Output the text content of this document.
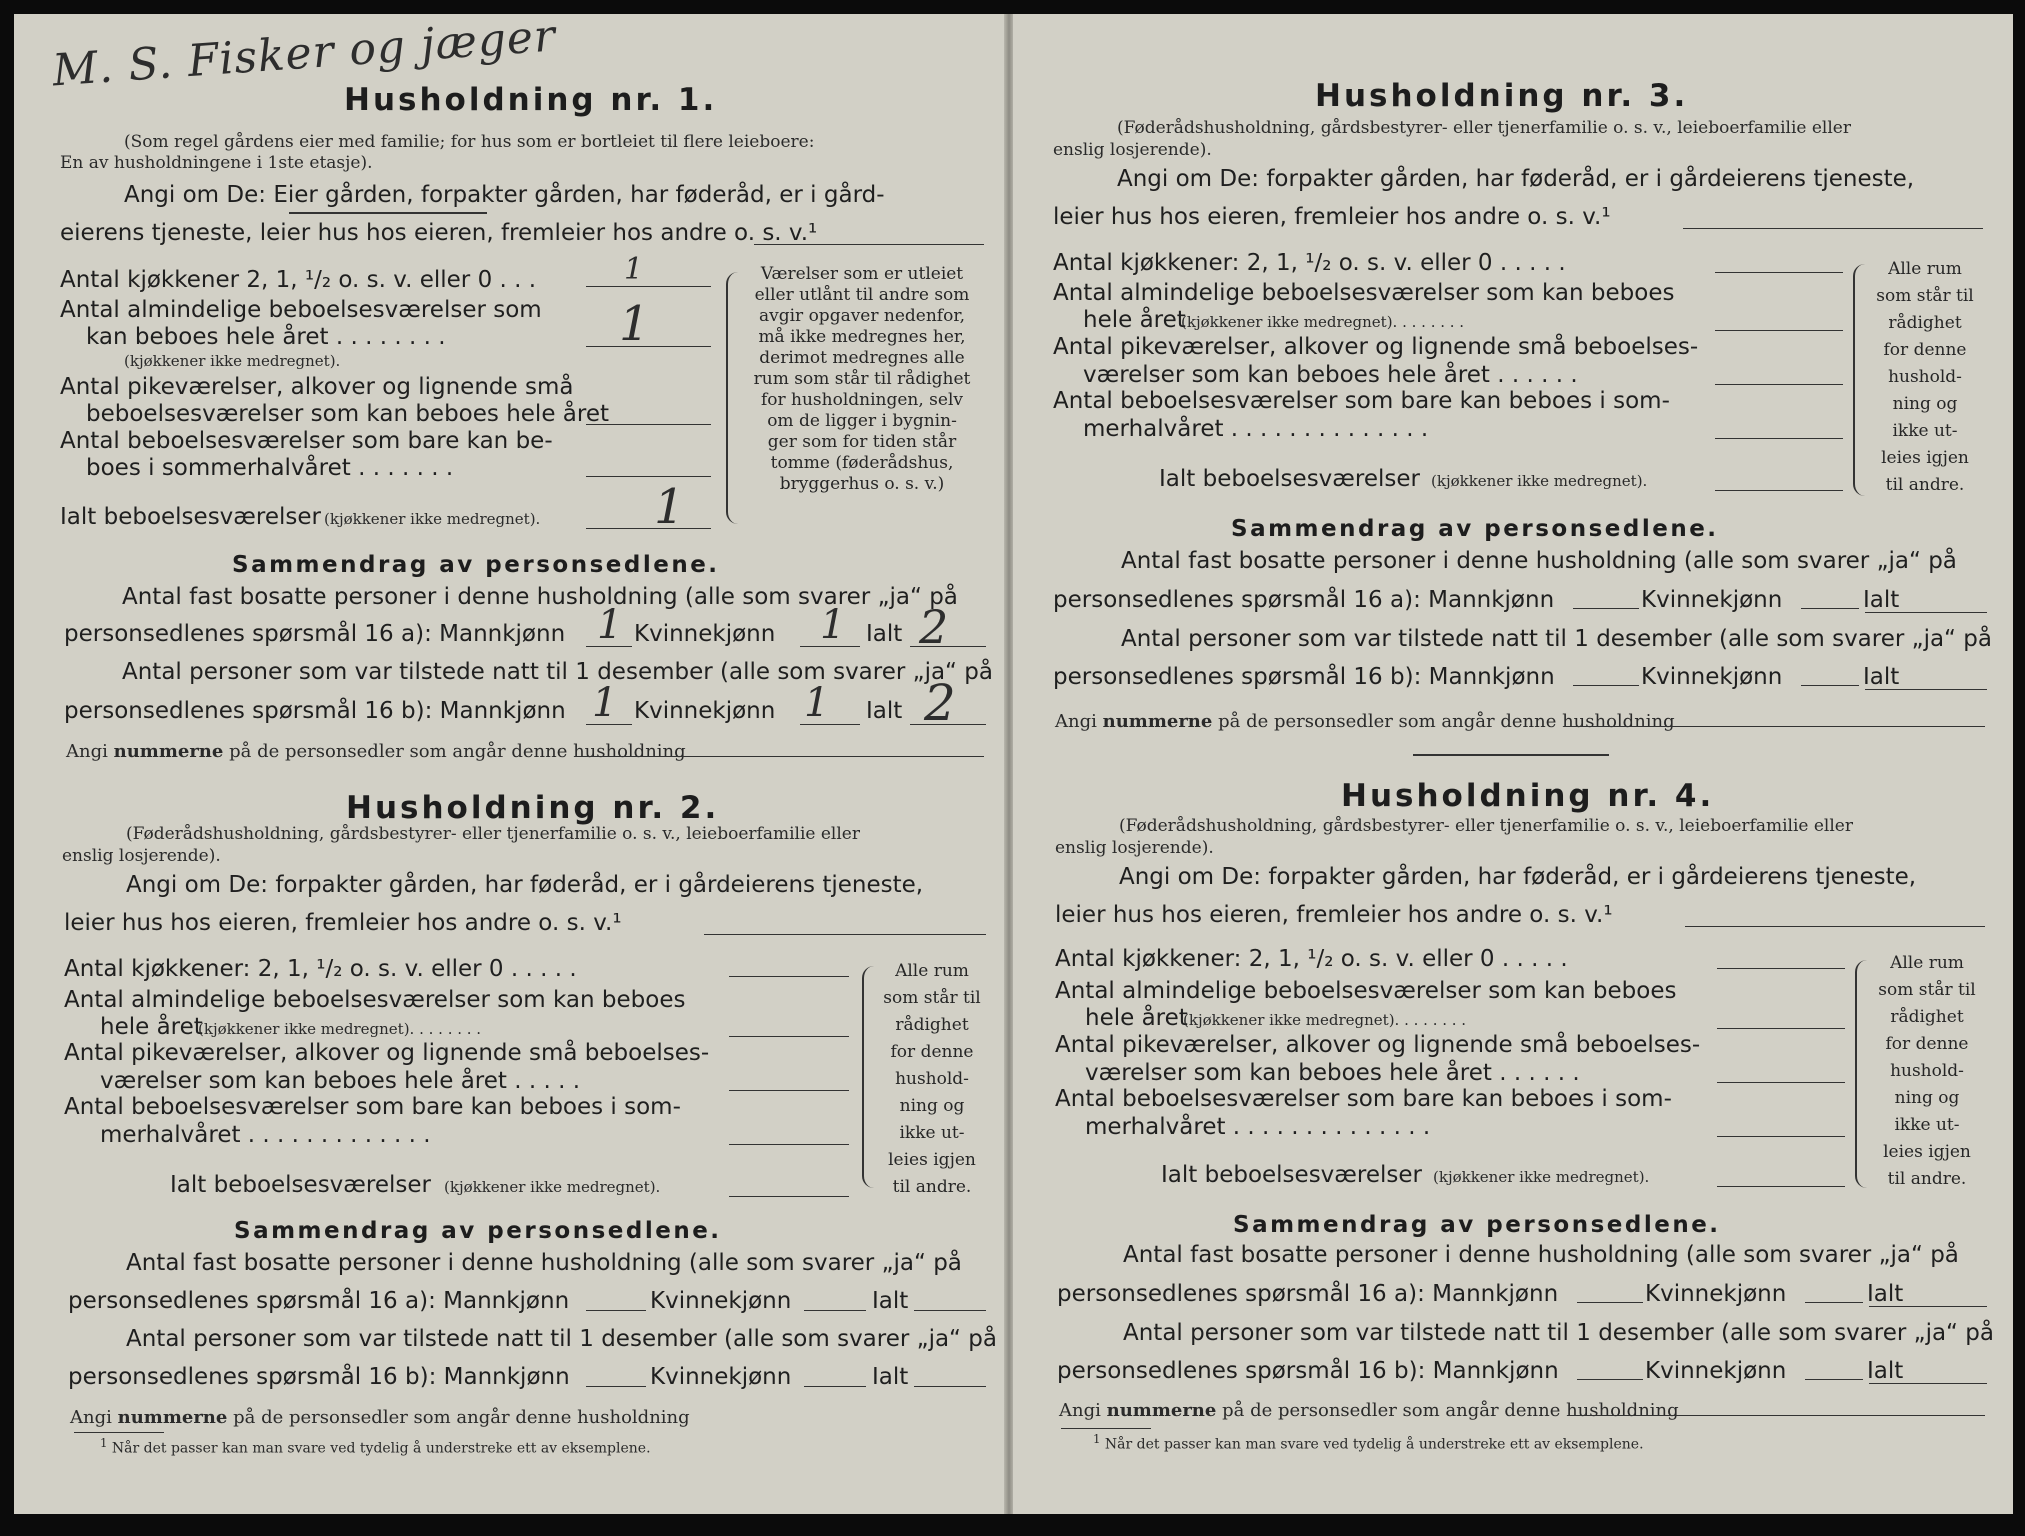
M. S. Fisker og jæger
Husholdning nr. 1.
(Som regel gårdens eier med familie; for hus som er bortleiet til flere leieboere:
En av husholdningene i 1ste etasje).
Angi om De: Eier gården, forpakter gården, har føderåd, er i gård-
eierens tjeneste, leier hus hos eieren, fremleier hos andre o. s. v.¹
Antal kjøkkener 2, 1, ¹/₂ o. s. v. eller 0 . . .	1
Antal almindelige beboelsesværelser som
kan beboes hele året . . . . . . . .	1
(kjøkkener ikke medregnet).
Antal pikeværelser, alkover og lignende små
beboelsesværelser som kan beboes hele året
Antal beboelsesværelser som bare kan be-
boes i sommerhalvåret . . . . . . .
Ialt beboelsesværelser (kjøkkener ikke medregnet). 1
Værelser som er utleiet
eller utlånt til andre som
avgir opgaver nedenfor,
må ikke medregnes her,
derimot medregnes alle
rum som står til rådighet
for husholdningen, selv
om de ligger i bygnin-
ger som for tiden står
tomme (føderådshus,
bryggerhus o. s. v.)
Sammendrag av personsedlene.
Antal fast bosatte personer i denne husholdning (alle som svarer „ja“ på
personsedlenes spørsmål 16 a): Mannkjønn 1 Kvinnekjønn 1 Ialt 2
Antal personer som var tilstede natt til 1 desember (alle som svarer „ja“ på
personsedlenes spørsmål 16 b): Mannkjønn 1 Kvinnekjønn 1 Ialt 2
Angi nummerne på de personsedler som angår denne husholdning
Husholdning nr. 2.
(Føderådshusholdning, gårdsbestyrer- eller tjenerfamilie o. s. v., leieboerfamilie eller
enslig losjerende).
Angi om De: forpakter gården, har føderåd, er i gårdeierens tjeneste,
leier hus hos eieren, fremleier hos andre o. s. v.¹
Antal kjøkkener: 2, 1, ¹/₂ o. s. v. eller 0 . . . . .
Antal almindelige beboelsesværelser som kan beboes
hele året
(kjøkkener ikke medregnet). . . . . . . .
Antal pikeværelser, alkover og lignende små beboelses-
værelser som kan beboes hele året . . . . .
Antal beboelsesværelser som bare kan beboes i som-
merhalvåret . . . . . . . . . . . . .
Ialt beboelsesværelser (kjøkkener ikke medregnet).
Alle rum
som står til
rådighet
for denne
hushold-
ning og
ikke ut-
leies igjen
til andre.
Sammendrag av personsedlene.
Antal fast bosatte personer i denne husholdning (alle som svarer „ja“ på
personsedlenes spørsmål 16 a): Mannkjønn	Kvinnekjønn	Ialt
Antal personer som var tilstede natt til 1 desember (alle som svarer „ja“ på
personsedlenes spørsmål 16 b): Mannkjønn	Kvinnekjønn	Ialt
Angi nummerne på de personsedler som angår denne husholdning
$^1$ Når det passer kan man svare ved tydelig å understreke ett av eksemplene.
Husholdning nr. 3.
(Føderådshusholdning, gårdsbestyrer- eller tjenerfamilie o. s. v., leieboerfamilie eller
enslig losjerende).
Angi om De: forpakter gården, har føderåd, er i gårdeierens tjeneste,
leier hus hos eieren, fremleier hos andre o. s. v.¹
Antal kjøkkener: 2, 1, ¹/₂ o. s. v. eller 0 . . . . .
Antal almindelige beboelsesværelser som kan beboes
hele året
(kjøkkener ikke medregnet). . . . . . . .
Antal pikeværelser, alkover og lignende små beboelses-
værelser som kan beboes hele året . . . . . .
Antal beboelsesværelser som bare kan beboes i som-
merhalvåret . . . . . . . . . . . . . .
Ialt beboelsesværelser (kjøkkener ikke medregnet).
Alle rum
som står til
rådighet
for denne
hushold-
ning og
ikke ut-
leies igjen
til andre.
Sammendrag av personsedlene.
Antal fast bosatte personer i denne husholdning (alle som svarer „ja“ på
personsedlenes spørsmål 16 a): Mannkjønn	Kvinnekjønn	Ialt
Antal personer som var tilstede natt til 1 desember (alle som svarer „ja“ på
personsedlenes spørsmål 16 b): Mannkjønn	Kvinnekjønn	Ialt
Angi nummerne på de personsedler som angår denne husholdning
Husholdning nr. 4.
(Føderådshusholdning, gårdsbestyrer- eller tjenerfamilie o. s. v., leieboerfamilie eller
enslig losjerende).
Angi om De: forpakter gården, har føderåd, er i gårdeierens tjeneste,
leier hus hos eieren, fremleier hos andre o. s. v.¹
Antal kjøkkener: 2, 1, ¹/₂ o. s. v. eller 0 . . . . .
Antal almindelige beboelsesværelser som kan beboes
hele året
(kjøkkener ikke medregnet). . . . . . . .
Antal pikeværelser, alkover og lignende små beboelses-
værelser som kan beboes hele året . . . . . .
Antal beboelsesværelser som bare kan beboes i som-
merhalvåret . . . . . . . . . . . . . .
Ialt beboelsesværelser (kjøkkener ikke medregnet).
Alle rum
som står til
rådighet
for denne
hushold-
ning og
ikke ut-
leies igjen
til andre.
Sammendrag av personsedlene.
Antal fast bosatte personer i denne husholdning (alle som svarer „ja“ på
personsedlenes spørsmål 16 a): Mannkjønn	Kvinnekjønn	Ialt
Antal personer som var tilstede natt til 1 desember (alle som svarer „ja“ på
personsedlenes spørsmål 16 b): Mannkjønn	Kvinnekjønn	Ialt
Angi nummerne på de personsedler som angår denne husholdning
$^1$ Når det passer kan man svare ved tydelig å understreke ett av eksemplene.
